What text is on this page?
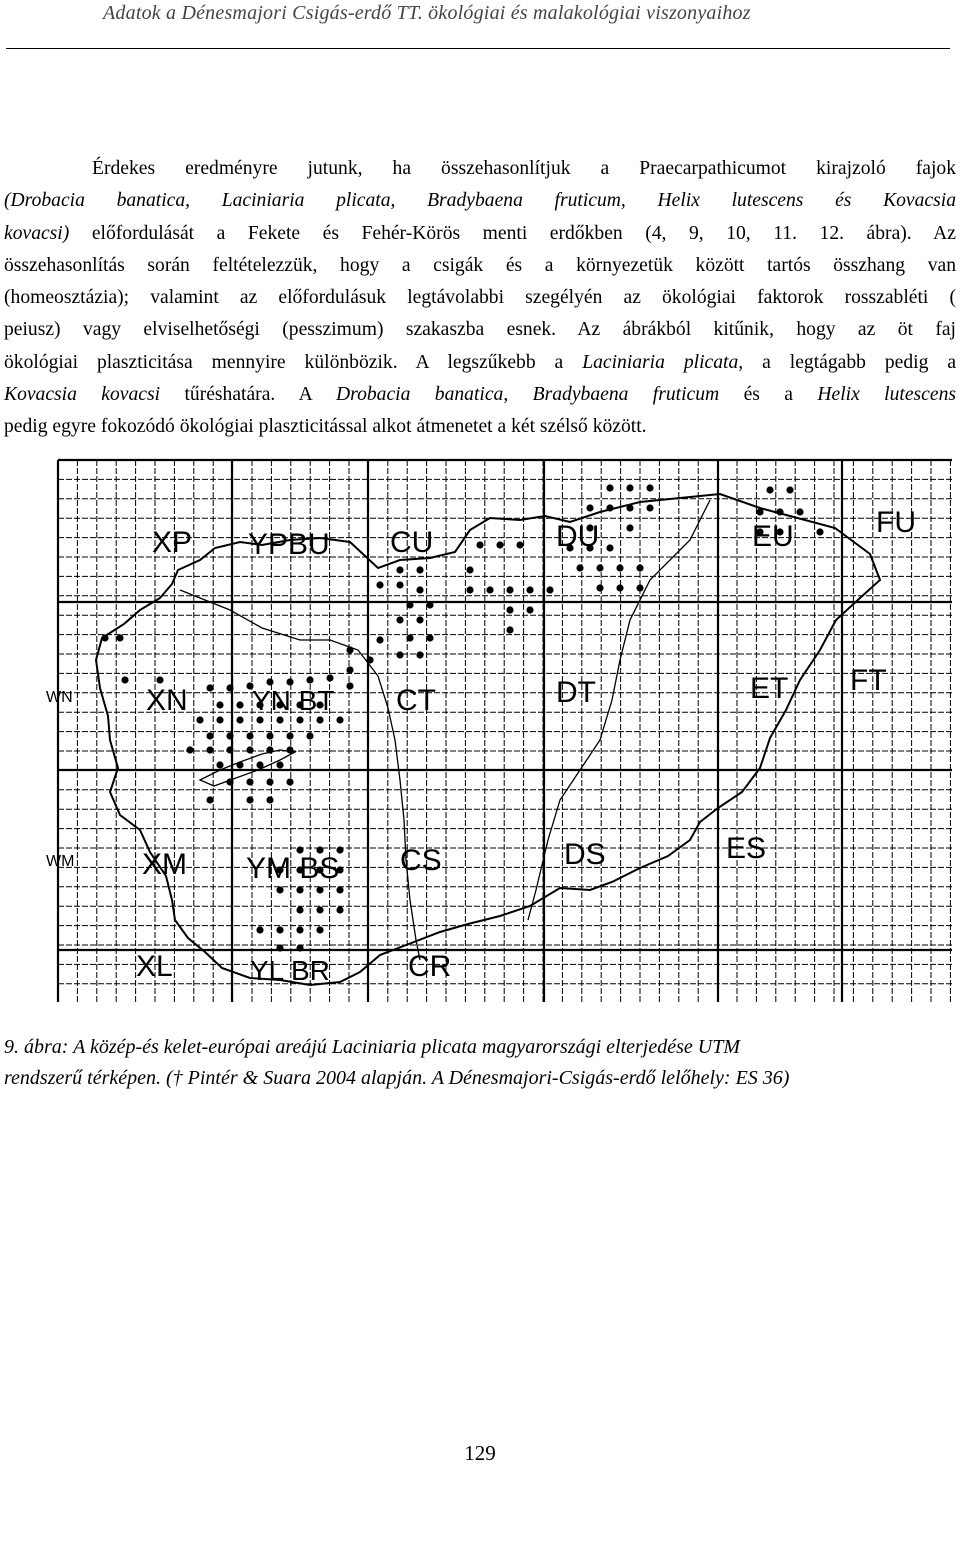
Adatok a Dénesmajori Csigás-erdő TT. ökológiai és malakológiai viszonyaihoz
Érdekes eredményre jutunk, ha összehasonlítjuk a Praecarpathicumot kirajzoló fajok
(Drobacia banatica, Laciniaria plicata, Bradybaena fruticum, Helix lutescens és Kovacsia
kovacsi) előfordulását a Fekete és Fehér-Körös menti erdőkben (4, 9, 10, 11. 12. ábra). Az
összehasonlítás során feltételezzük, hogy a csigák és a környezetük között tartós összhang van
(homeosztázia); valamint az előfordulásuk legtávolabbi szegélyén az ökológiai faktorok rosszabléti (
peiusz) vagy elviselhetőségi (pesszimum) szakaszba esnek. Az ábrákból kitűnik, hogy az öt faj
ökológiai plaszticitása mennyire különbözik. A legszűkebb a Laciniaria plicata, a legtágabb pedig a
Kovacsia kovacsi tűréshatára. A Drobacia banatica, Bradybaena fruticum és a Helix lutescens
pedig egyre fokozódó ökológiai plaszticitással alkot átmenetet a két szélső között.
XP YPBU CU	DU	EU	FU
WN XN YN BT CT	DT	ET FT
WM XM YM BS CS	DS	ES
XL	YL BR	CR
9. ábra: A közép-és kelet-európai areájú Laciniaria plicata magyarországi elterjedése UTM
rendszerű térképen. († Pintér & Suara 2004 alapján. A Dénesmajori-Csigás-erdő lelőhely: ES 36)
129
